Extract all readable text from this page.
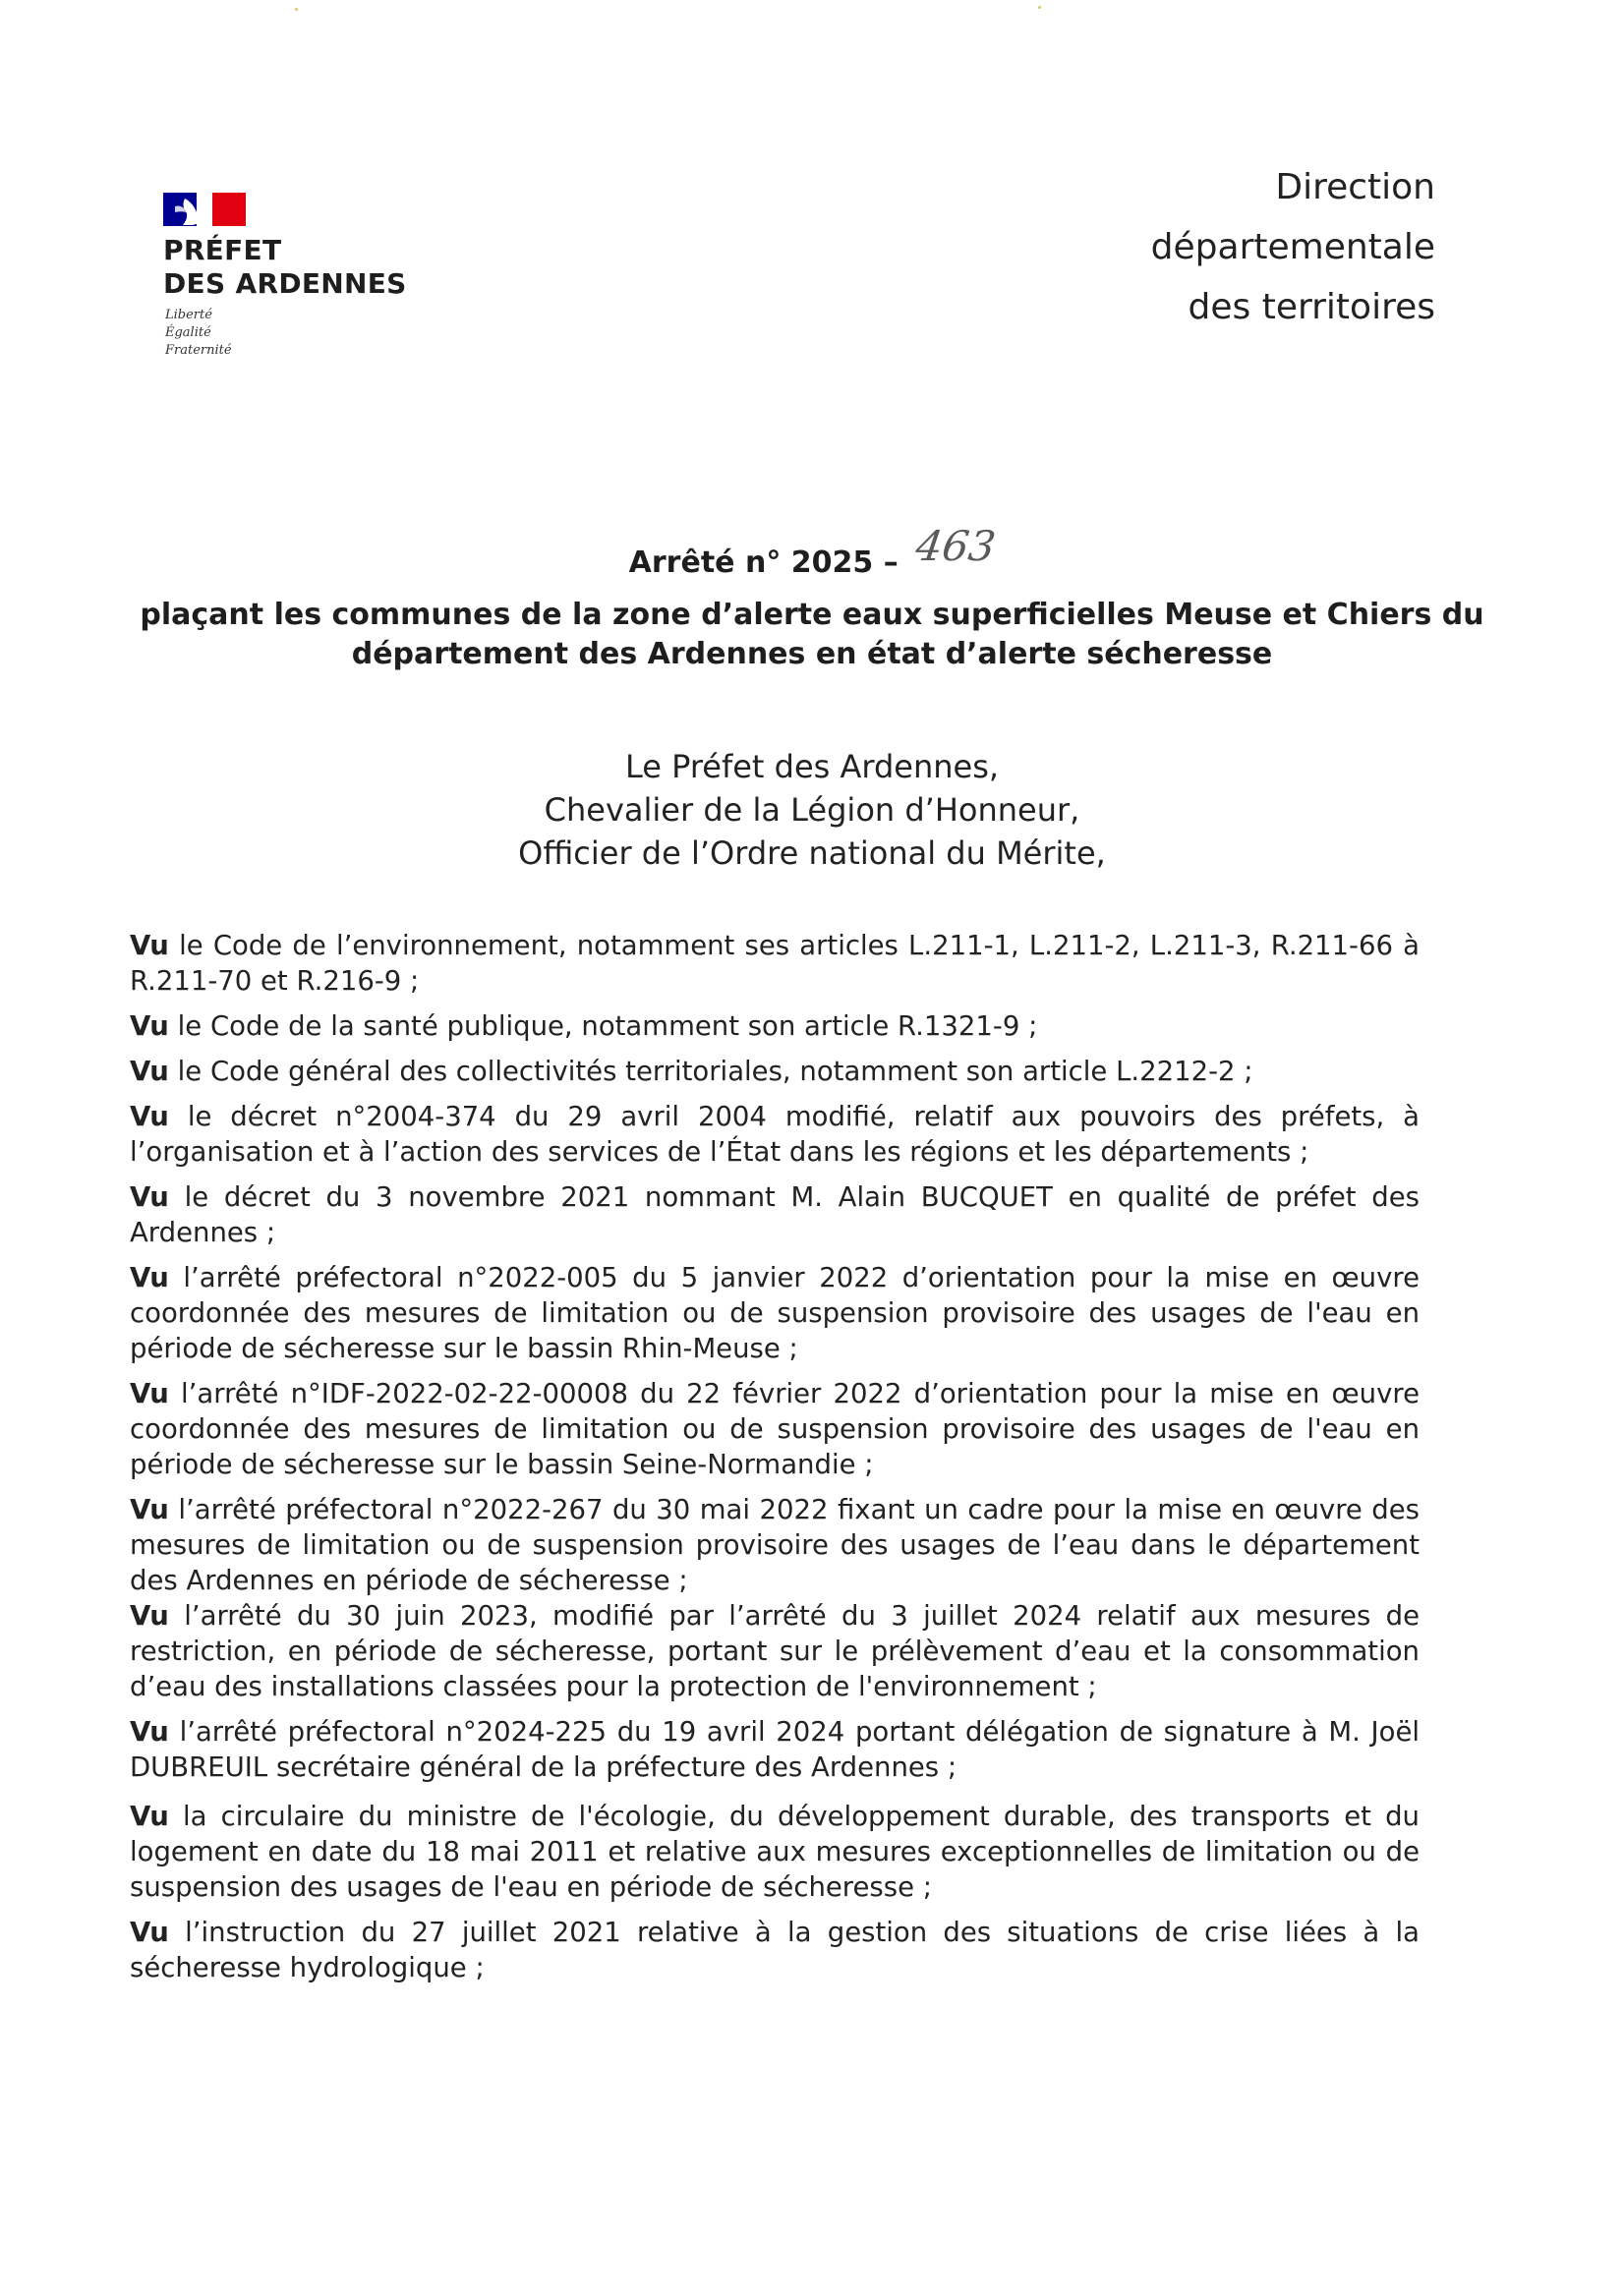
PRÉFET
DES ARDENNES
Liberté
Égalité
Fraternité
Direction
départementale
des territoires
Arrêté n° 2025 – 463
plaçant les communes de la zone d’alerte eaux superficielles Meuse et Chiers du
département des Ardennes en état d’alerte sécheresse
Le Préfet des Ardennes,
Chevalier de la Légion d’Honneur,
Officier de l’Ordre national du Mérite,
Vu le Code de l’environnement, notamment ses articles L.211-1, L.211-2, L.211-3, R.211-66 à
R.211-70 et R.216-9 ;
Vu le Code de la santé publique, notamment son article R.1321-9 ;
Vu le Code général des collectivités territoriales, notamment son article L.2212-2 ;
Vu le décret n°2004-374 du 29 avril 2004 modifié, relatif aux pouvoirs des préfets, à
l’organisation et à l’action des services de l’État dans les régions et les départements ;
Vu le décret du 3 novembre 2021 nommant M. Alain BUCQUET en qualité de préfet des
Ardennes ;
Vu l’arrêté préfectoral n°2022-005 du 5 janvier 2022 d’orientation pour la mise en œuvre
coordonnée des mesures de limitation ou de suspension provisoire des usages de l'eau en
période de sécheresse sur le bassin Rhin-Meuse ;
Vu l’arrêté n°IDF-2022-02-22-00008 du 22 février 2022 d’orientation pour la mise en œuvre
coordonnée des mesures de limitation ou de suspension provisoire des usages de l'eau en
période de sécheresse sur le bassin Seine-Normandie ;
Vu l’arrêté préfectoral n°2022-267 du 30 mai 2022 fixant un cadre pour la mise en œuvre des
mesures de limitation ou de suspension provisoire des usages de l’eau dans le département
des Ardennes en période de sécheresse ;
Vu l’arrêté du 30 juin 2023, modifié par l’arrêté du 3 juillet 2024 relatif aux mesures de
restriction, en période de sécheresse, portant sur le prélèvement d’eau et la consommation
d’eau des installations classées pour la protection de l'environnement ;
Vu l’arrêté préfectoral n°2024-225 du 19 avril 2024 portant délégation de signature à M. Joël
DUBREUIL secrétaire général de la préfecture des Ardennes ;
Vu la circulaire du ministre de l'écologie, du développement durable, des transports et du
logement en date du 18 mai 2011 et relative aux mesures exceptionnelles de limitation ou de
suspension des usages de l'eau en période de sécheresse ;
Vu l’instruction du 27 juillet 2021 relative à la gestion des situations de crise liées à la
sécheresse hydrologique ;
